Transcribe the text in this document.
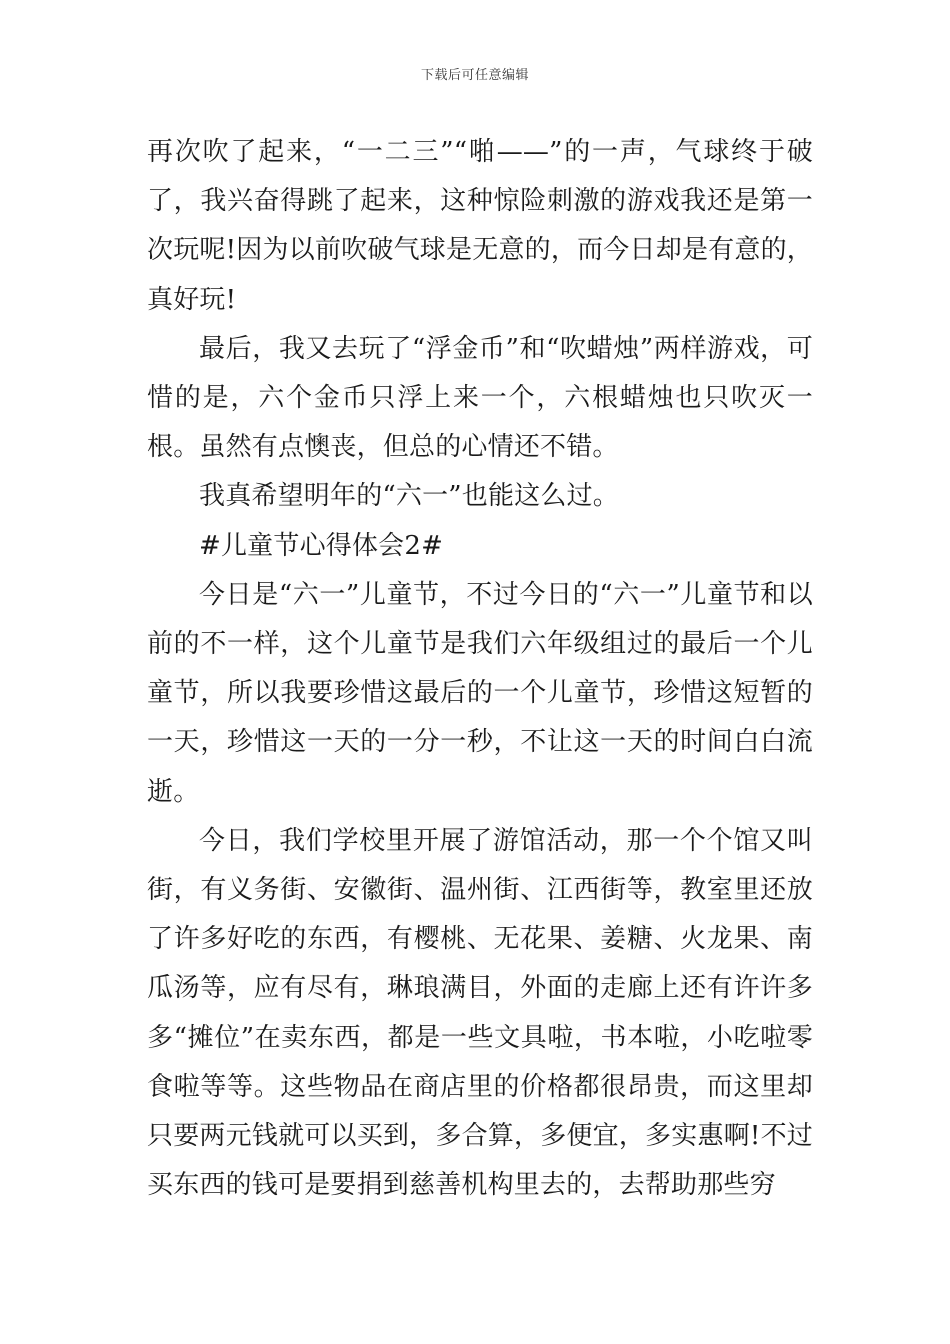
下载后可任意编辑

再次吹了起来，“一二三”“啪——”的一声，气球终于破了，我兴奋得跳了起来，这种惊险刺激的游戏我还是第一次玩呢!因为以前吹破气球是无意的，而今日却是有意的，真好玩!

最后，我又去玩了“浮金币”和“吹蜡烛”两样游戏，可惜的是，六个金币只浮上来一个，六根蜡烛也只吹灭一根。虽然有点懊丧，但总的心情还不错。

我真希望明年的“六一”也能这么过。

#儿童节心得体会2#

今日是“六一”儿童节，不过今日的“六一”儿童节和以前的不一样，这个儿童节是我们六年级组过的最后一个儿童节，所以我要珍惜这最后的一个儿童节，珍惜这短暂的一天，珍惜这一天的一分一秒，不让这一天的时间白白流逝。

今日，我们学校里开展了游馆活动，那一个个馆又叫街，有义务街、安徽街、温州街、江西街等，教室里还放了许多好吃的东西，有樱桃、无花果、姜糖、火龙果、南瓜汤等，应有尽有，琳琅满目，外面的走廊上还有许许多多“摊位”在卖东西，都是一些文具啦，书本啦，小吃啦零食啦等等。这些物品在商店里的价格都很昂贵，而这里却只要两元钱就可以买到，多合算，多便宜，多实惠啊!不过买东西的钱可是要捐到慈善机构里去的，去帮助那些穷
